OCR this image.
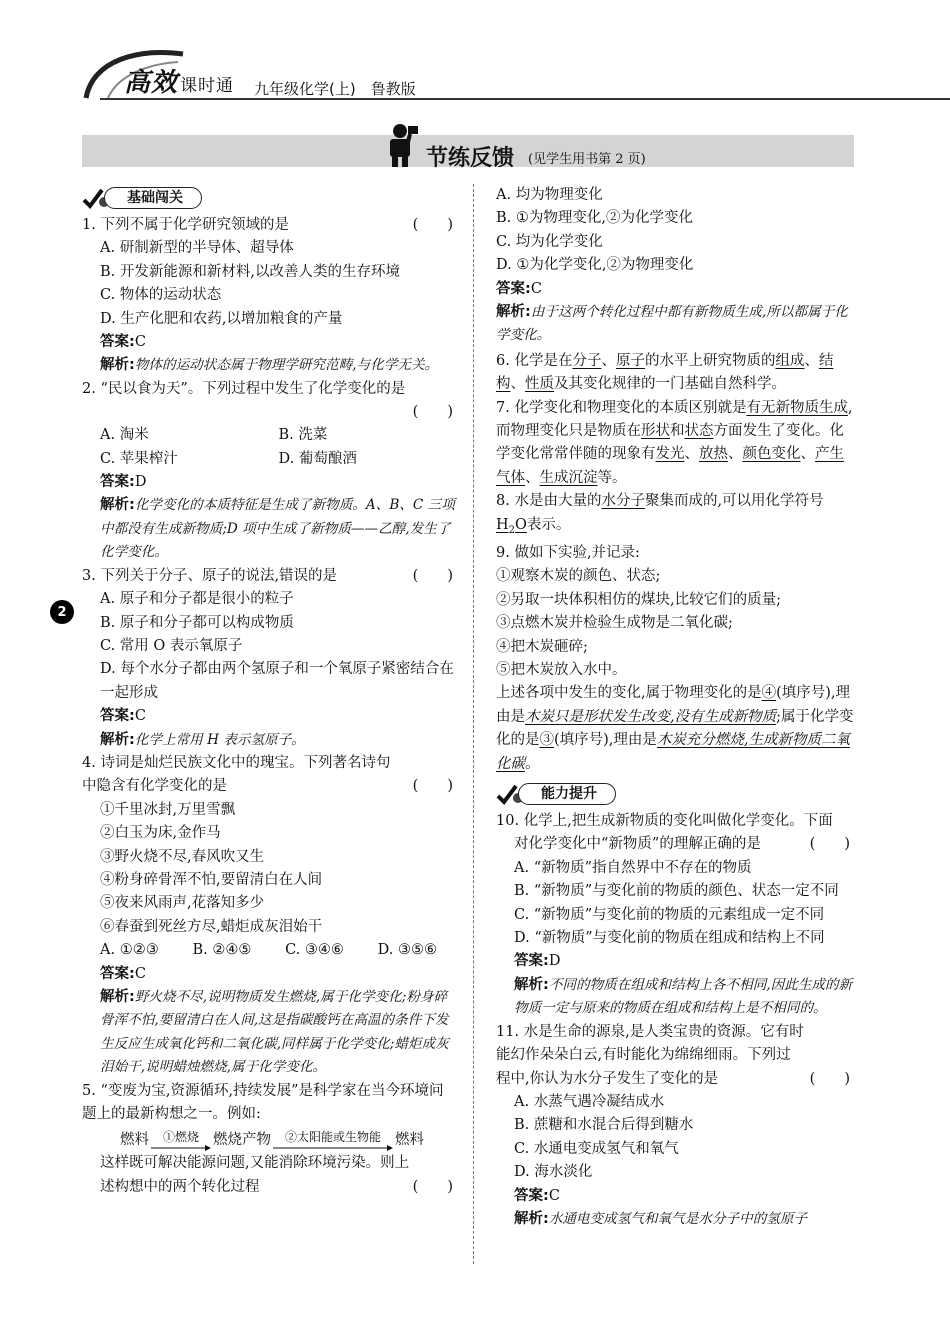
高效 课时通 九年级化学(上)　鲁教版
节练反馈 (见学生用书第 2 页)
2
基础闯关

1. 下列不属于化学研究领域的是	(　　)

A. 研制新型的半导体、超导体

B. 开发新能源和新材料,以改善人类的生存环境

C. 物体的运动状态

D. 生产化肥和农药,以增加粮食的产量

答案:C

解析:物体的运动状态属于物理学研究范畴,与化学无关。

2. “民以食为天”。下列过程中发生了化学变化的是

(　　)

A. 淘米	B. 洗菜
C. 苹果榨汁	D. 葡萄酿酒

答案:D

解析:化学变化的本质特征是生成了新物质。A、B、C 三项中都没有生成新物质;D 项中生成了新物质——乙醇,发生了化学变化。

3. 下列关于分子、原子的说法,错误的是	(　　)

A. 原子和分子都是很小的粒子

B. 原子和分子都可以构成物质

C. 常用 O 表示氧原子

D. 每个水分子都由两个氢原子和一个氧原子紧密结合在一起形成

答案:C

解析:化学上常用 H 表示氢原子。

4. 诗词是灿烂民族文化中的瑰宝。下列著名诗句中隐含有化学变化的是	(　　)

①千里冰封,万里雪飘

②白玉为床,金作马

③野火烧不尽,春风吹又生

④粉身碎骨浑不怕,要留清白在人间

⑤夜来风雨声,花落知多少

⑥春蚕到死丝方尽,蜡炬成灰泪始干

A. ①②③ B. ②④⑤ C. ③④⑥ D. ③⑤⑥

答案:C

解析:野火烧不尽,说明物质发生燃烧,属于化学变化;粉身碎骨浑不怕,要留清白在人间,这是指碳酸钙在高温的条件下发生反应生成氧化钙和二氧化碳,同样属于化学变化;蜡炬成灰泪始干,说明蜡烛燃烧,属于化学变化。

5. “变废为宝,资源循环,持续发展”是科学家在当今环境问题上的最新构想之一。例如:

燃料 ①燃烧 燃烧产物 ②太阳能或生物能 燃料

这样既可解决能源问题,又能消除环境污染。则上

述构想中的两个转化过程	(　　)

A. 均为物理变化

B. ①为物理变化,②为化学变化

C. 均为化学变化

D. ①为化学变化,②为物理变化

答案:C

解析:由于这两个转化过程中都有新物质生成,所以都属于化学变化。

6. 化学是在分子、原子的水平上研究物质的组成、结构、性质及其变化规律的一门基础自然科学。

7. 化学变化和物理变化的本质区别就是有无新物质生成,而物理变化只是物质在形状和状态方面发生了变化。化学变化常常伴随的现象有发光、放热、颜色变化、产生气体、生成沉淀等。

8. 水是由大量的水分子聚集而成的,可以用化学符号 $H_2O$表示。

9. 做如下实验,并记录:

①观察木炭的颜色、状态;

②另取一块体积相仿的煤块,比较它们的质量;

③点燃木炭并检验生成物是二氧化碳;

④把木炭砸碎;

⑤把木炭放入水中。

上述各项中发生的变化,属于物理变化的是④(填序号),理由是木炭只是形状发生改变,没有生成新物质;属于化学变化的是③(填序号),理由是木炭充分燃烧,生成新物质二氧化碳。

能力提升

10. 化学上,把生成新物质的变化叫做化学变化。下面

对化学变化中“新物质”的理解正确的是	(　　)

A. “新物质”指自然界中不存在的物质

B. “新物质”与变化前的物质的颜色、状态一定不同

C. “新物质”与变化前的物质的元素组成一定不同

D. “新物质”与变化前的物质在组成和结构上不同

答案:D

解析:不同的物质在组成和结构上各不相同,因此生成的新物质一定与原来的物质在组成和结构上是不相同的。

11. 水是生命的源泉,是人类宝贵的资源。它有时能幻作朵朵白云,有时能化为绵绵细雨。下列过程中,你认为水分子发生了变化的是	(　　)

A. 水蒸气遇冷凝结成水

B. 蔗糖和水混合后得到糖水

C. 水通电变成氢气和氧气

D. 海水淡化

答案:C

解析:水通电变成氢气和氧气是水分子中的氢原子
